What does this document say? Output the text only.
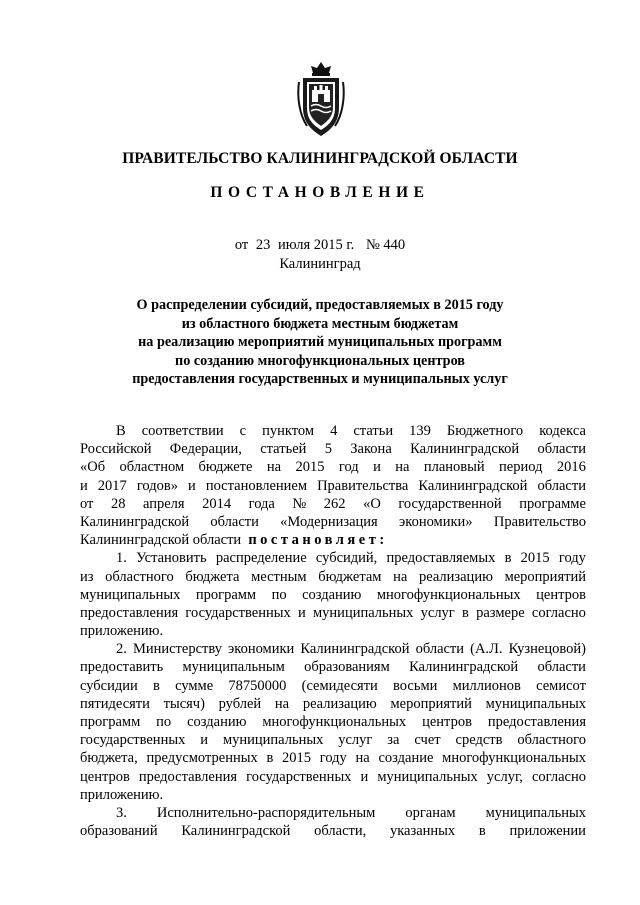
ПРАВИТЕЛЬСТВО КАЛИНИНГРАДСКОЙ ОБЛАСТИ
ПОСТАНОВЛЕНИЕ
от 23 июля 2015 г. № 440
Калининград
О распределении субсидий, предоставляемых в 2015 году
из областного бюджета местным бюджетам
на реализацию мероприятий муниципальных программ
по созданию многофункциональных центров
предоставления государственных и муниципальных услуг
В соответствии с пунктом 4 статьи 139 Бюджетного кодекса
Российской Федерации, статьей 5 Закона Калининградской области
«Об областном бюджете на 2015 год и на плановый период 2016
и 2017 годов» и постановлением Правительства Калининградской области
от 28 апреля 2014 года № 262 «О государственной программе
Калининградской области «Модернизация экономики» Правительство
Калининградской области постановляет:
1. Установить распределение субсидий, предоставляемых в 2015 году
из областного бюджета местным бюджетам на реализацию мероприятий
муниципальных программ по созданию многофункциональных центров
предоставления государственных и муниципальных услуг в размере согласно
приложению.
2. Министерству экономики Калининградской области (А.Л. Кузнецовой)
предоставить муниципальным образованиям Калининградской области
субсидии в сумме 78750000 (семидесяти восьми миллионов семисот
пятидесяти тысяч) рублей на реализацию мероприятий муниципальных
программ по созданию многофункциональных центров предоставления
государственных и муниципальных услуг за счет средств областного
бюджета, предусмотренных в 2015 году на создание многофункциональных
центров предоставления государственных и муниципальных услуг, согласно
приложению.
3. Исполнительно-распорядительным органам муниципальных
образований Калининградской области, указанных в приложении
